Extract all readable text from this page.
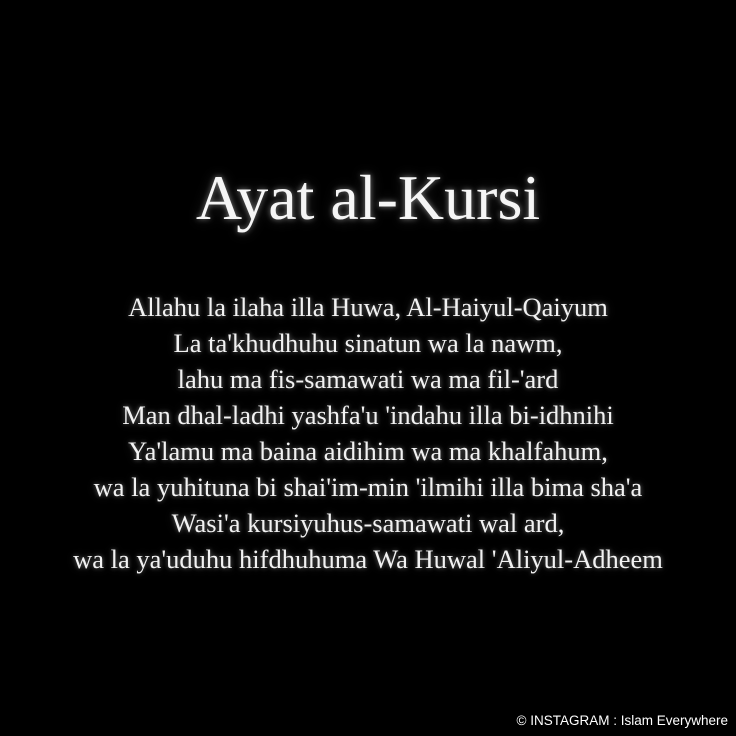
Ayat al-Kursi
Allahu la ilaha illa Huwa, Al-Haiyul-Qaiyum
La ta'khudhuhu sinatun wa la nawm,
lahu ma fis-samawati wa ma fil-'ard
Man dhal-ladhi yashfa'u 'indahu illa bi-idhnihi
Ya'lamu ma baina aidihim wa ma khalfahum,
wa la yuhituna bi shai'im-min 'ilmihi illa bima sha'a
Wasi'a kursiyuhus-samawati wal ard,
wa la ya'uduhu hifdhuhuma Wa Huwal 'Aliyul-Adheem
© INSTAGRAM : Islam Everywhere
